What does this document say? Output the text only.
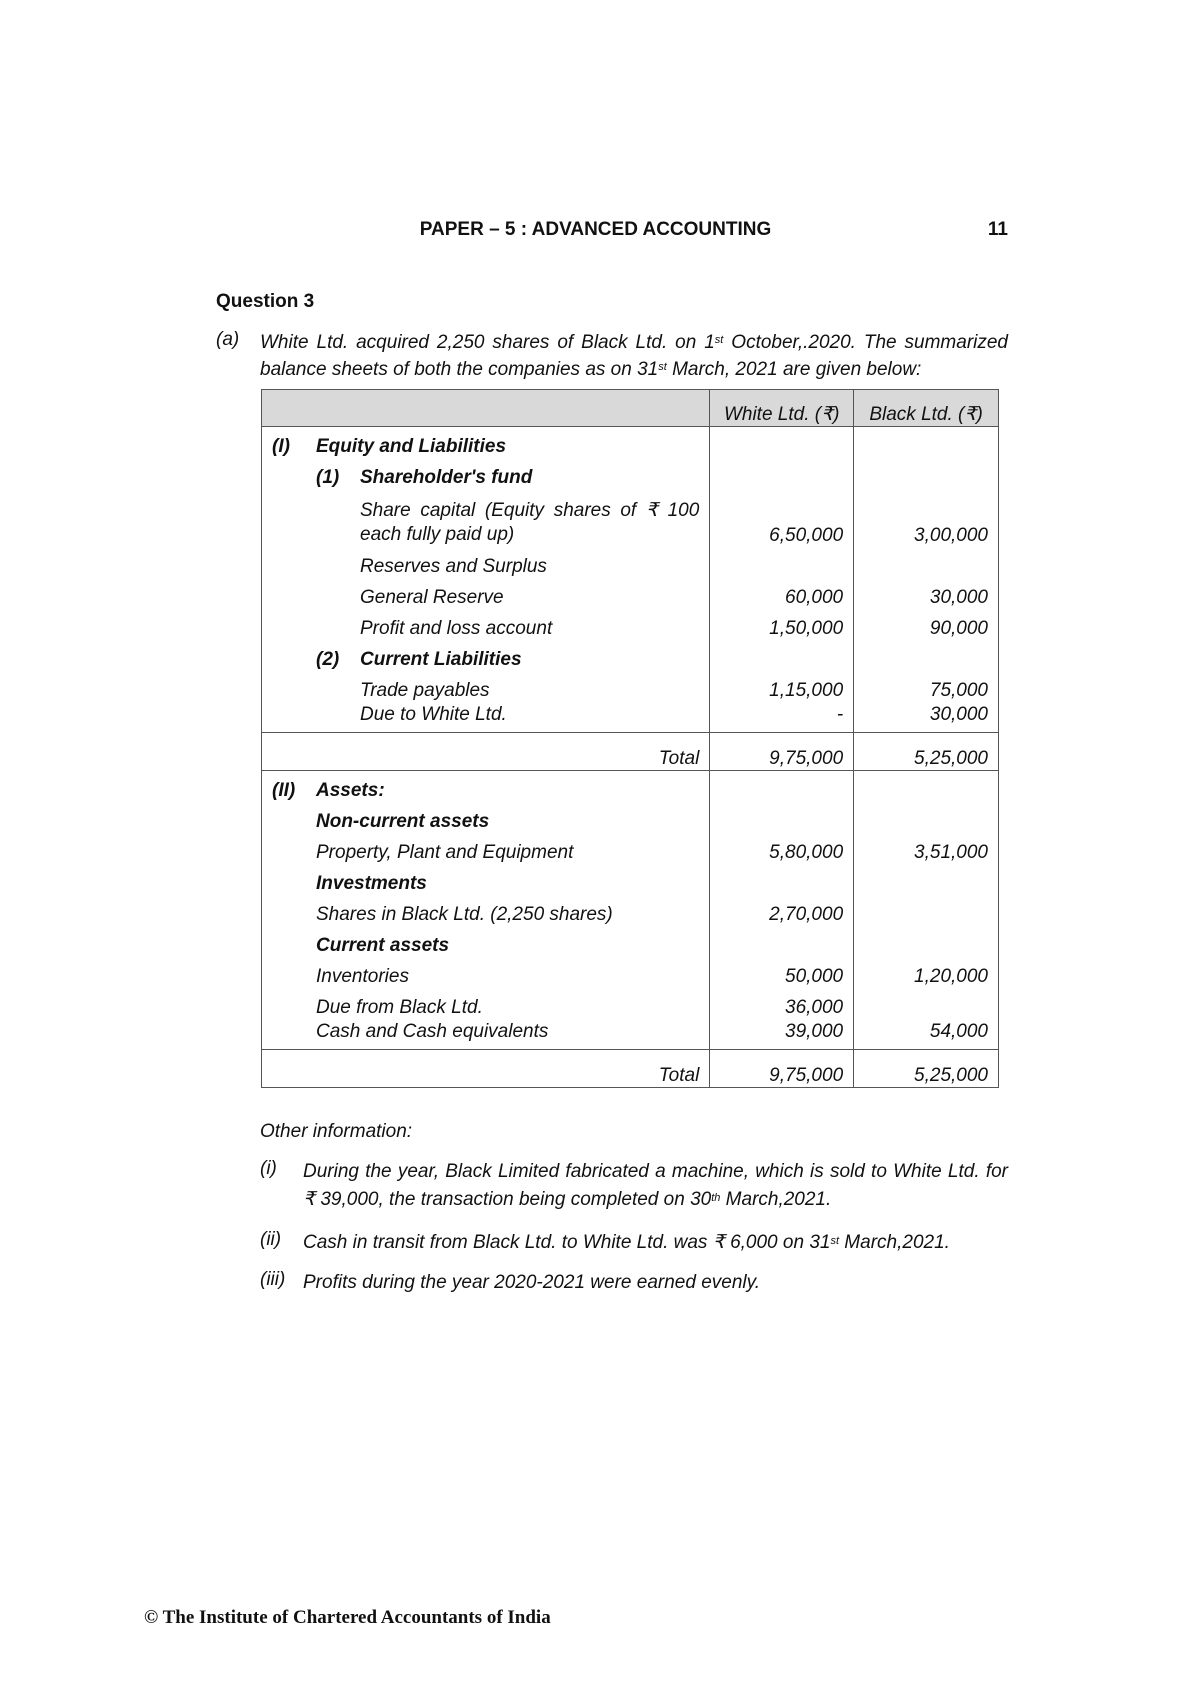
PAPER – 5 : ADVANCED ACCOUNTING	11
Question 3
(a) White Ltd. acquired 2,250 shares of Black Ltd. on 1st October,.2020. The summarized balance sheets of both the companies as on 31st March, 2021 are given below:
	White Ltd. (₹)	Black Ltd. (₹)
(I) Equity and Liabilities		
(1) Shareholder's fund		

Share capital (Equity shares of ₹ 100 each fully paid up)	6,50,000	3,00,000

Reserves and Surplus		

General Reserve	60,000	30,000

Profit and loss account	1,50,000	90,000
(2) Current Liabilities		

Trade payables	1,15,000	75,000

Due to White Ltd.	-	30,000
Total	9,75,000	5,25,000
(II) Assets:		

Non-current assets		

Property, Plant and Equipment	5,80,000	3,51,000

Investments		

Shares in Black Ltd. (2,250 shares)	2,70,000	

Current assets		

Inventories	50,000	1,20,000

Due from Black Ltd.	36,000	

Cash and Cash equivalents	39,000	54,000
Total	9,75,000	5,25,000
Other information:
(i) During the year, Black Limited fabricated a machine, which is sold to White Ltd. for ₹ 39,000, the transaction being completed on 30th March,2021.
(ii) Cash in transit from Black Ltd. to White Ltd. was ₹ 6,000 on 31st March,2021.
(iii) Profits during the year 2020-2021 were earned evenly.
© The Institute of Chartered Accountants of India
